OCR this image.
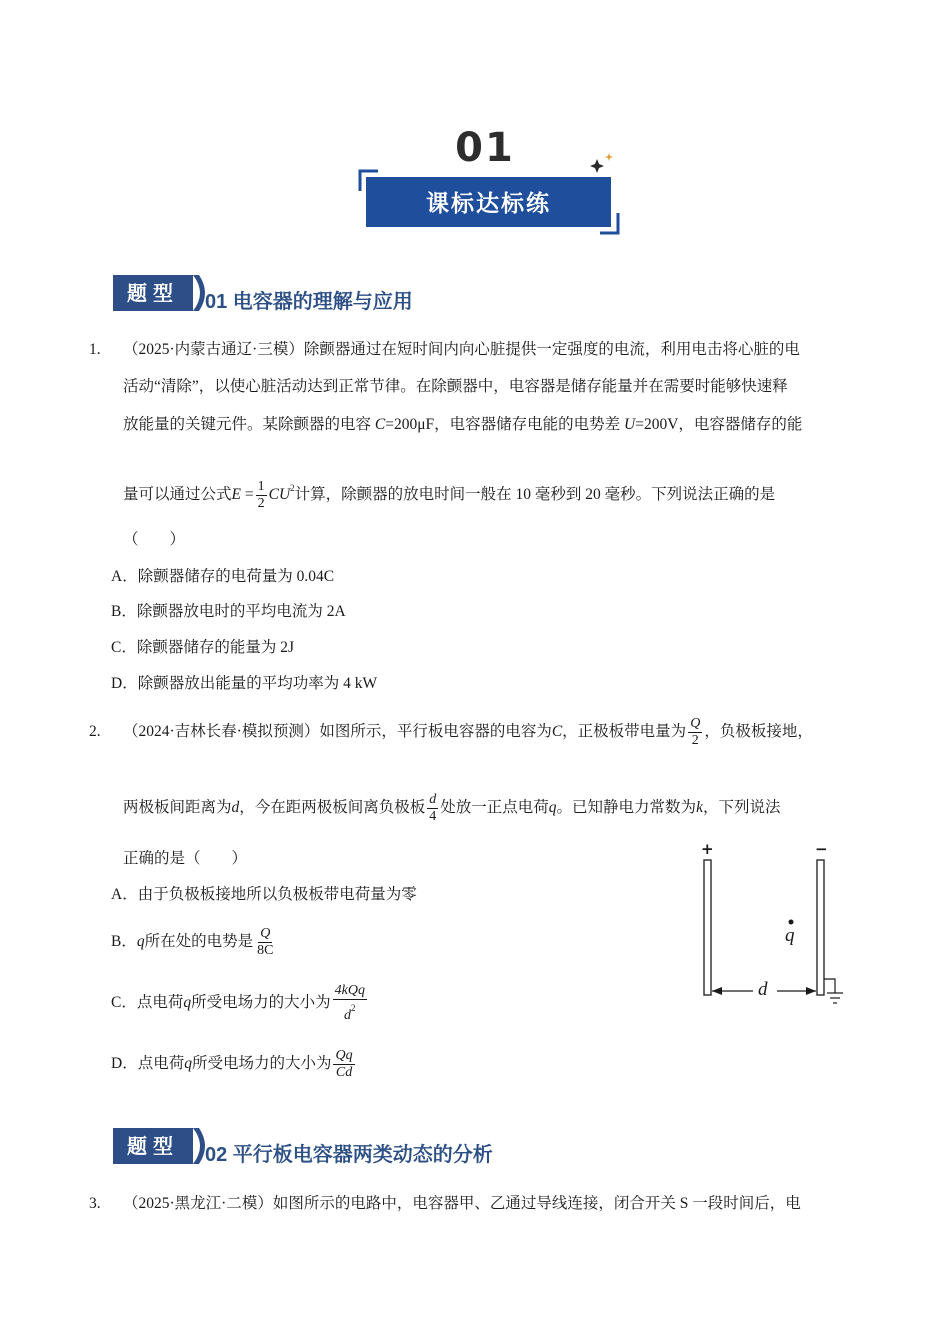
01
课标达标练
题型	01 电容器的理解与应用
1. （2025·内蒙古通辽·三模）除颤器通过在短时间内向心脏提供一定强度的电流，利用电击将心脏的电
活动“清除”，以使心脏活动达到正常节律。在除颤器中，电容器是储存能量并在需要时能够快速释
放能量的关键元件。某除颤器的电容 C=200μF，电容器储存电能的电势差 U=200V，电容器储存的能
量可以通过公式$E = \frac{1}{2} CU^2$计算，除颤器的放电时间一般在 10 毫秒到 20 毫秒。下列说法正确的是
（　　）
A．除颤器储存的电荷量为 0.04C
B．除颤器放电时的平均电流为 2A
C．除颤器储存的能量为 2J
D．除颤器放出能量的平均功率为 4 kW
2. （2024·吉林长春·模拟预测）如图所示，平行板电容器的电容为C，正极板带电量为 $\frac{Q}{2}$ ，负极板接地，
两极板间距离为d，今在距两极板间离负极板 $\frac{d}{4}$ 处放一正点电荷q。已知静电力常数为k，下列说法
正确的是（　　）
A．由于负极板接地所以负极板带电荷量为零
B．q所在处的电势是 $\frac{Q}{8C}$
C．点电荷q所受电场力的大小为 $\frac{\text{4kQq}}{d^2}$
D．点电荷q所受电场力的大小为 $\frac{Qq}{Cd}$
+	−
q
d
题型	02 平行板电容器两类动态的分析
3. （2025·黑龙江·二模）如图所示的电路中，电容器甲、乙通过导线连接，闭合开关 S 一段时间后，电
